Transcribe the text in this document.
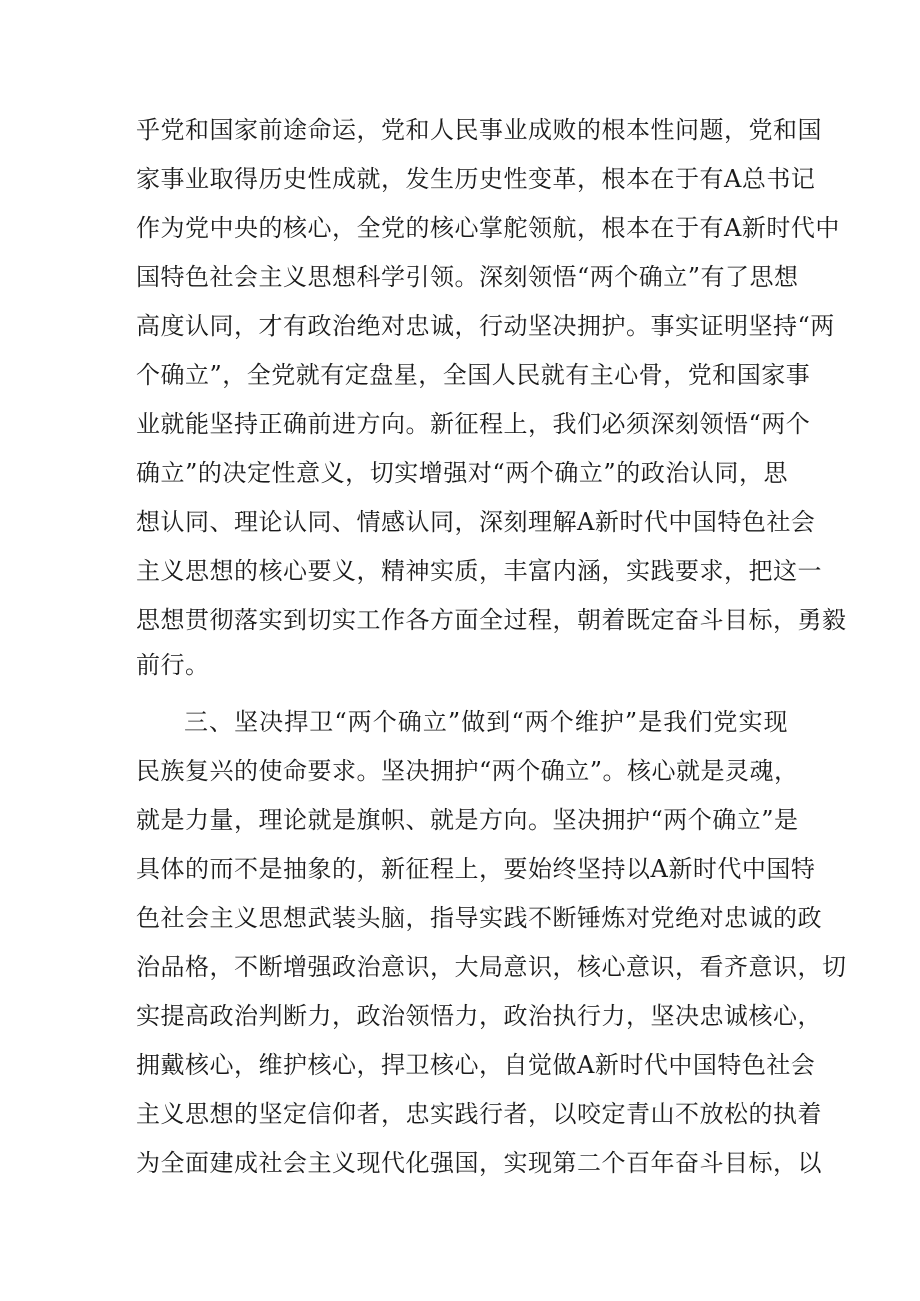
乎党和国家前途命运，党和人民事业成败的根本性问题，党和国
家事业取得历史性成就，发生历史性变革，根本在于有A总书记
作为党中央的核心，全党的核心掌舵领航，根本在于有A新时代中
国特色社会主义思想科学引领。深刻领悟“两个确立”有了思想
高度认同，才有政治绝对忠诚，行动坚决拥护。事实证明坚持“两
个确立”，全党就有定盘星，全国人民就有主心骨，党和国家事
业就能坚持正确前进方向。新征程上，我们必须深刻领悟“两个
确立”的决定性意义，切实增强对“两个确立”的政治认同，思
想认同、理论认同、情感认同，深刻理解A新时代中国特色社会
主义思想的核心要义，精神实质，丰富内涵，实践要求，把这一
思想贯彻落实到切实工作各方面全过程，朝着既定奋斗目标，勇毅
前行。
三、坚决捍卫“两个确立”做到“两个维护”是我们党实现
民族复兴的使命要求。坚决拥护“两个确立”。核心就是灵魂，
就是力量，理论就是旗帜、就是方向。坚决拥护“两个确立”是
具体的而不是抽象的，新征程上，要始终坚持以A新时代中国特
色社会主义思想武装头脑，指导实践不断锤炼对党绝对忠诚的政
治品格，不断增强政治意识，大局意识，核心意识，看齐意识，切
实提高政治判断力，政治领悟力，政治执行力，坚决忠诚核心，
拥戴核心，维护核心，捍卫核心，自觉做A新时代中国特色社会
主义思想的坚定信仰者，忠实践行者，以咬定青山不放松的执着
为全面建成社会主义现代化强国，实现第二个百年奋斗目标，以
